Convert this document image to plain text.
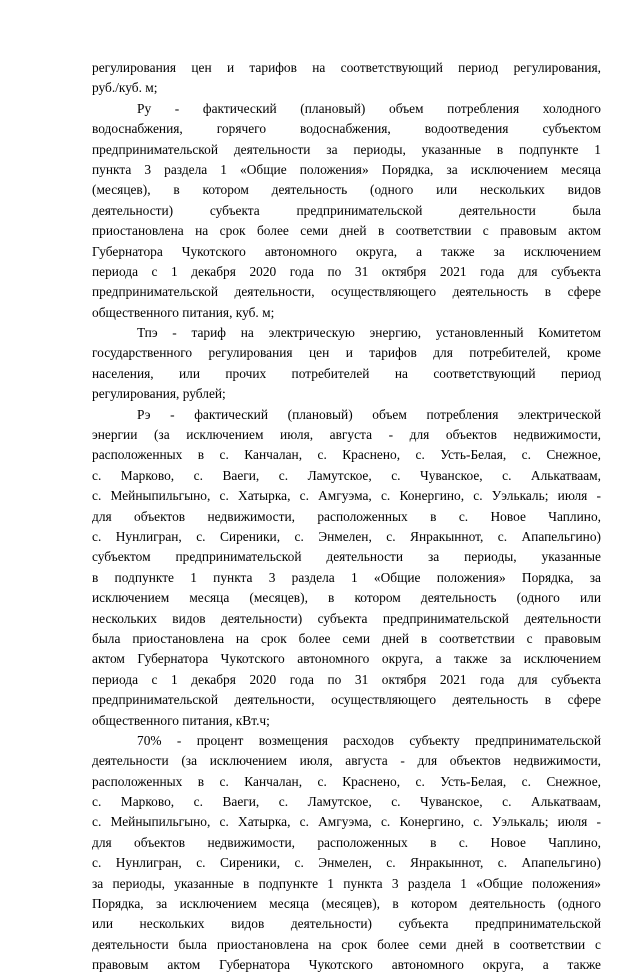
регулирования цен и тарифов на соответствующий период регулирования,
руб./куб. м;
Ру - фактический (плановый) объем потребления холодного
водоснабжения, горячего водоснабжения, водоотведения субъектом
предпринимательской деятельности за периоды, указанные в подпункте 1
пункта 3 раздела 1 «Общие положения» Порядка, за исключением месяца
(месяцев), в котором деятельность (одного или нескольких видов
деятельности) субъекта предпринимательской деятельности была
приостановлена на срок более семи дней в соответствии с правовым актом
Губернатора Чукотского автономного округа, а также за исключением
периода с 1 декабря 2020 года по 31 октября 2021 года для субъекта
предпринимательской деятельности, осуществляющего деятельность в сфере
общественного питания, куб. м;
Тпэ - тариф на электрическую энергию, установленный Комитетом
государственного регулирования цен и тарифов для потребителей, кроме
населения, или прочих потребителей на соответствующий период
регулирования, рублей;
Рэ - фактический (плановый) объем потребления электрической
энергии (за исключением июля, августа - для объектов недвижимости,
расположенных в с. Канчалан, с. Краснено, с. Усть-Белая, с. Снежное,
с. Марково, с. Ваеги, с. Ламутское, с. Чуванское, с. Алькатваам,
с. Мейныпильгыно, с. Хатырка, с. Амгуэма, с. Конергино, с. Уэлькаль; июля -
для объектов недвижимости, расположенных в с. Новое Чаплино,
с. Нунлигран, с. Сиреники, с. Энмелен, с. Янракыннот, с. Апапельгино)
субъектом предпринимательской деятельности за периоды, указанные
в подпункте 1 пункта 3 раздела 1 «Общие положения» Порядка, за
исключением месяца (месяцев), в котором деятельность (одного или
нескольких видов деятельности) субъекта предпринимательской деятельности
была приостановлена на срок более семи дней в соответствии с правовым
актом Губернатора Чукотского автономного округа, а также за исключением
периода с 1 декабря 2020 года по 31 октября 2021 года для субъекта
предпринимательской деятельности, осуществляющего деятельность в сфере
общественного питания, кВт.ч;
70% - процент возмещения расходов субъекту предпринимательской
деятельности (за исключением июля, августа - для объектов недвижимости,
расположенных в с. Канчалан, с. Краснено, с. Усть-Белая, с. Снежное,
с. Марково, с. Ваеги, с. Ламутское, с. Чуванское, с. Алькатваам,
с. Мейныпильгыно, с. Хатырка, с. Амгуэма, с. Конергино, с. Уэлькаль; июля -
для объектов недвижимости, расположенных в с. Новое Чаплино,
с. Нунлигран, с. Сиреники, с. Энмелен, с. Янракыннот, с. Апапельгино)
за периоды, указанные в подпункте 1 пункта 3 раздела 1 «Общие положения»
Порядка, за исключением месяца (месяцев), в котором деятельность (одного
или нескольких видов деятельности) субъекта предпринимательской
деятельности была приостановлена на срок более семи дней в соответствии с
правовым актом Губернатора Чукотского автономного округа, а также
